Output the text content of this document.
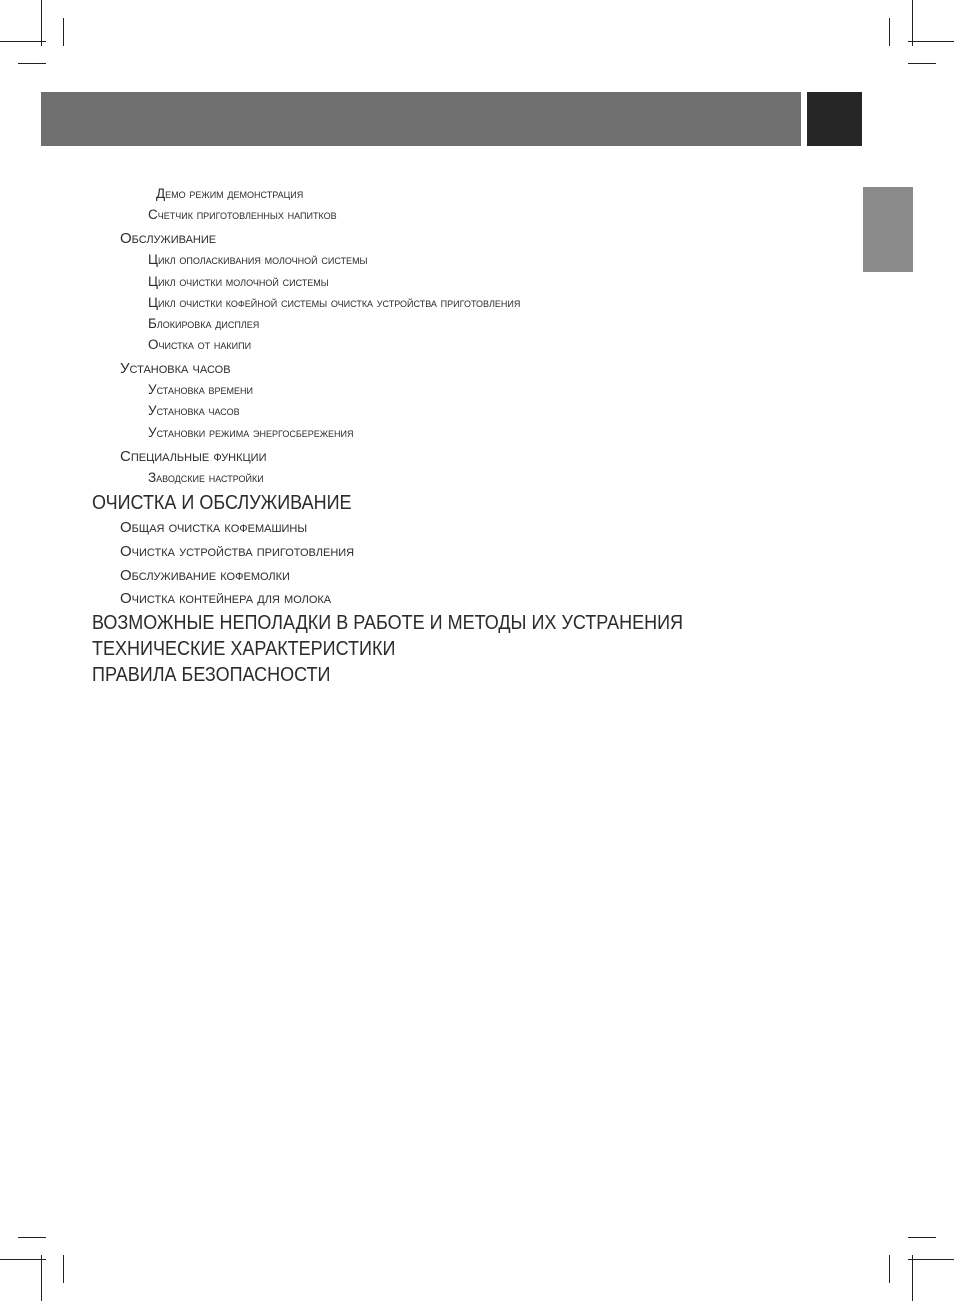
Демо режим демонстрация
Счетчик приготовленных напитков
Обслуживание
Цикл ополаскивания молочной системы
Цикл очистки молочной системы
Цикл очистки кофейной системы очистка устройства приготовления
Блокировка дисплея
Очистка от накипи
Установка часов
Установка времени
Установка часов
Установки режима энергосбережения
Специальные функции
Заводские настройки
ОЧИСТКА И ОБСЛУЖИВАНИЕ
Общая очистка кофемашины
Очистка устройства приготовления
Обслуживание кофемолки
Очистка контейнера для молока
ВОЗМОЖНЫЕ НЕПОЛАДКИ В РАБОТЕ И МЕТОДЫ ИХ УСТРАНЕНИЯ
ТЕХНИЧЕСКИЕ ХАРАКТЕРИСТИКИ
ПРАВИЛА БЕЗОПАСНОСТИ
